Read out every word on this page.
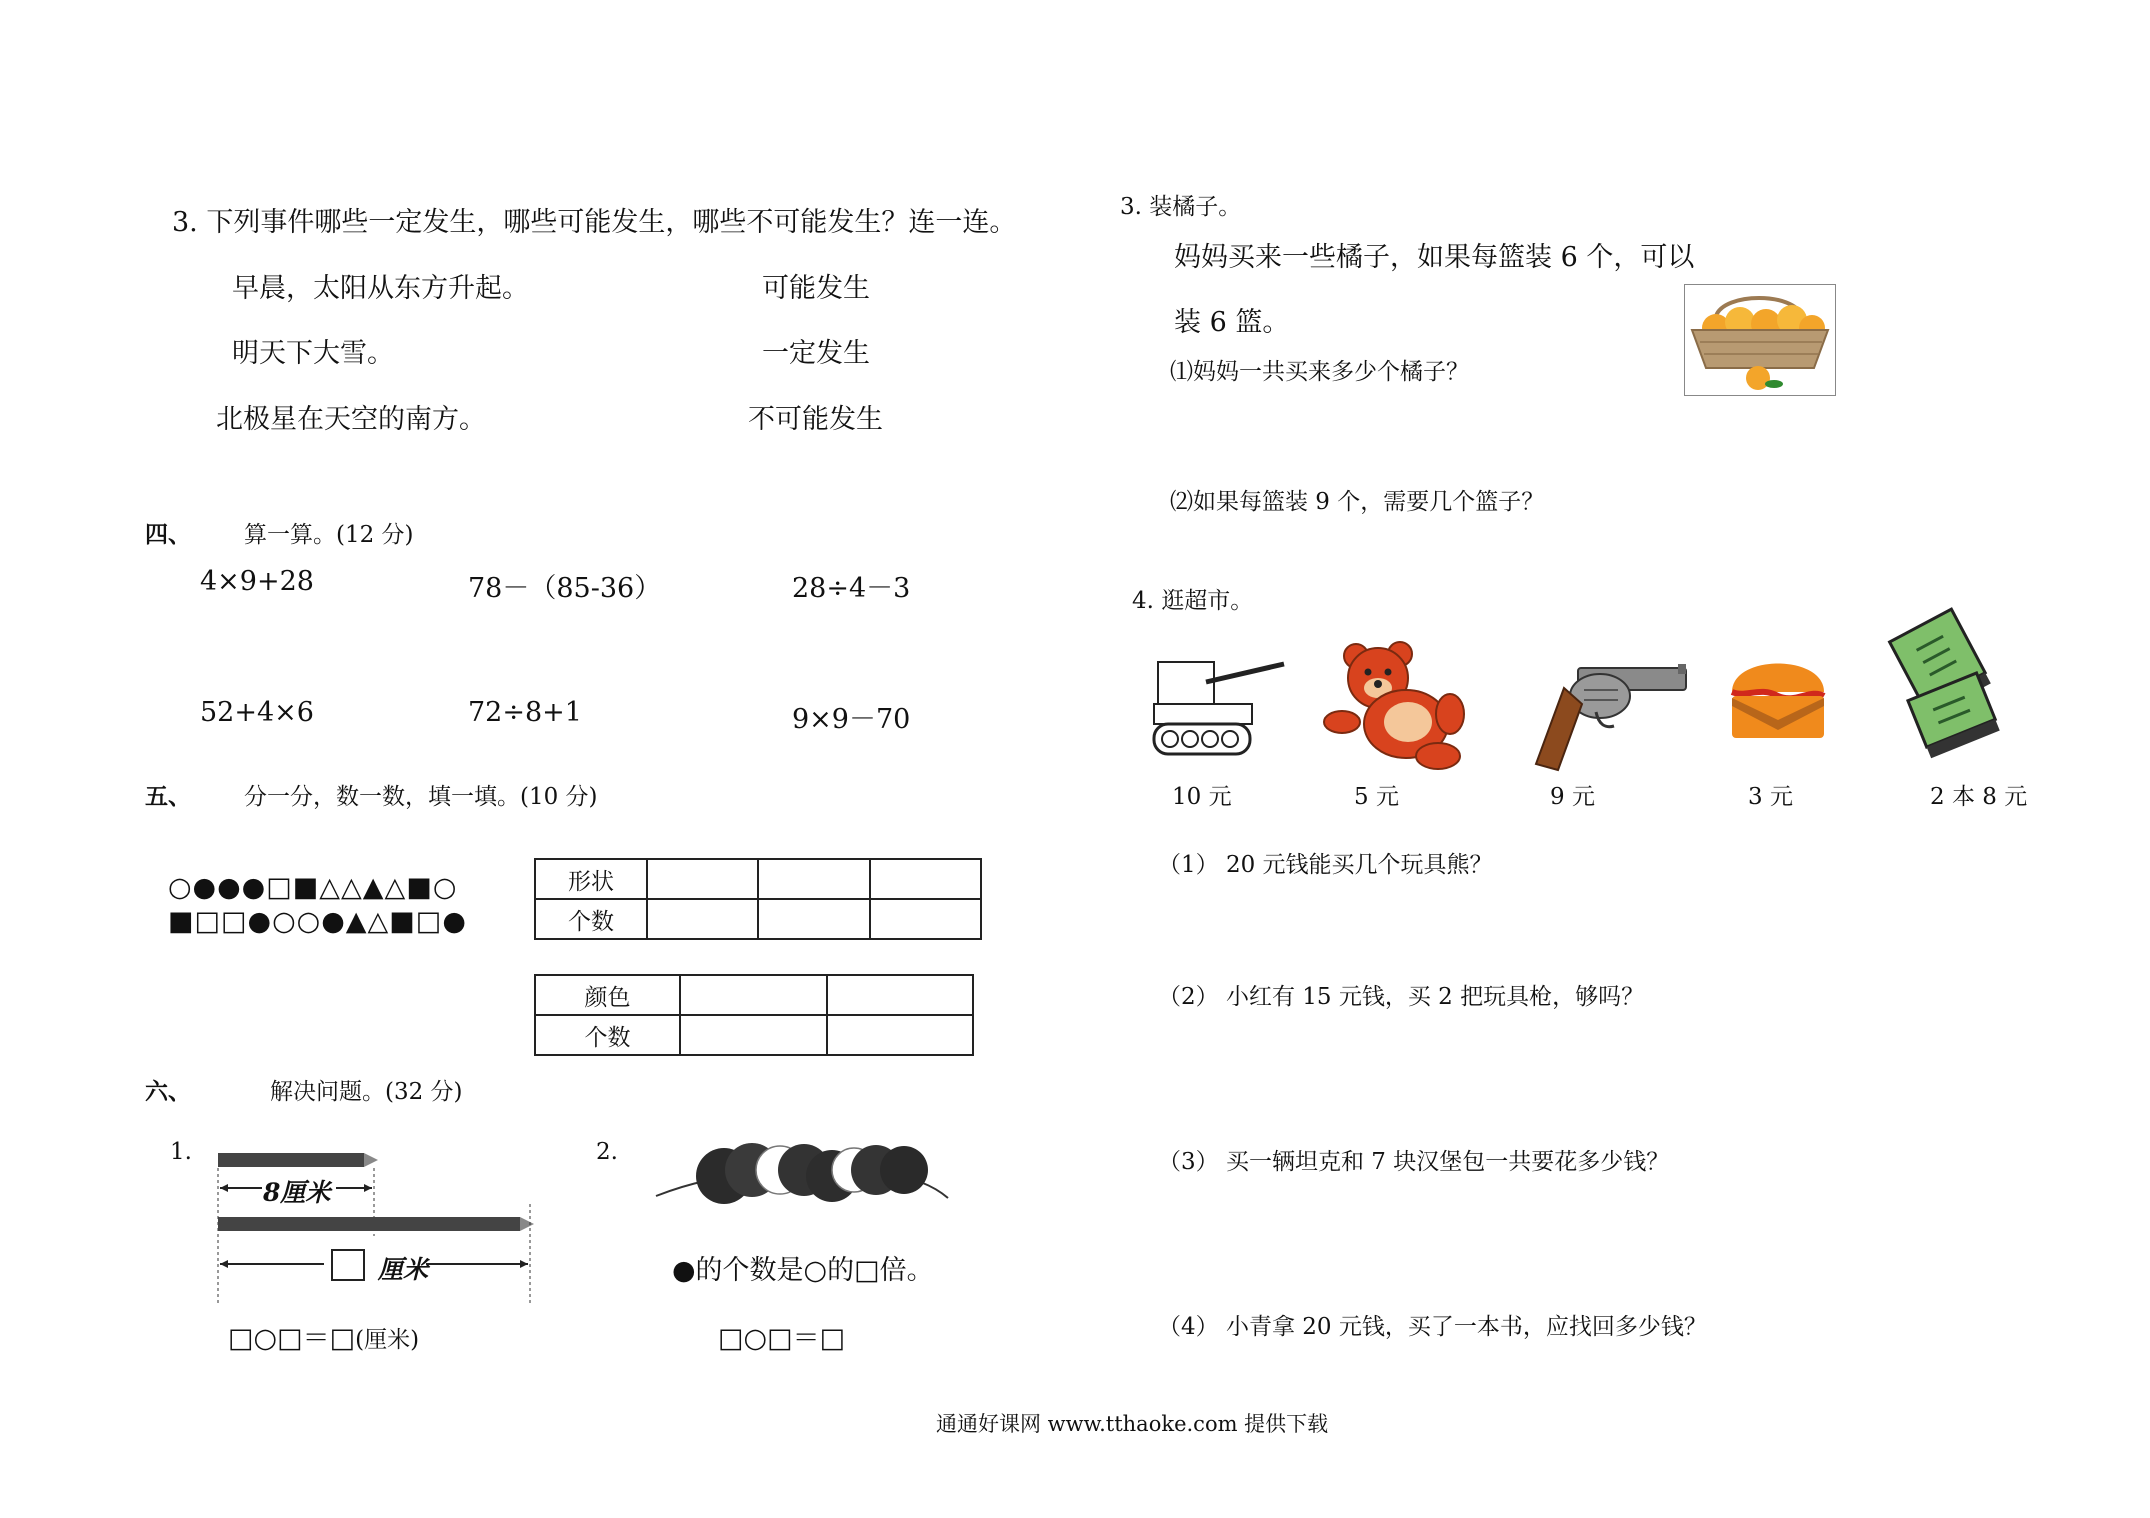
3. 下列事件哪些一定发生，哪些可能发生，哪些不可能发生？连一连。
早晨，太阳从东方升起。
明天下大雪。
北极星在天空的南方。
可能发生
一定发生
不可能发生
四、 算一算。(12 分)
4×9+28	78－（85-36）	28÷4－3
52+4×6	72÷8+1	9×9－70
五、 分一分，数一数，填一填。(10 分)
○●●●□■△△▲△■○
■□□●○○●▲△■□●
形状			
个数			
颜色		
个数		
六、	解决问题。(32 分)
1.
8厘米
厘米
□○□＝□(厘米)
2.
●的个数是○的□倍。
□○□＝□
3. 装橘子。
妈妈买来一些橘子，如果每篮装 6 个，可以
装 6 篮。
⑴妈妈一共买来多少个橘子？
⑵如果每篮装 9 个，需要几个篮子？
4. 逛超市。
10 元	5 元	9 元	3 元	2 本 8 元
（1） 20 元钱能买几个玩具熊？
（2） 小红有 15 元钱，买 2 把玩具枪，够吗？
（3） 买一辆坦克和 7 块汉堡包一共要花多少钱？
（4） 小青拿 20 元钱，买了一本书，应找回多少钱？
通通好课网 www.tthaoke.com 提供下载
